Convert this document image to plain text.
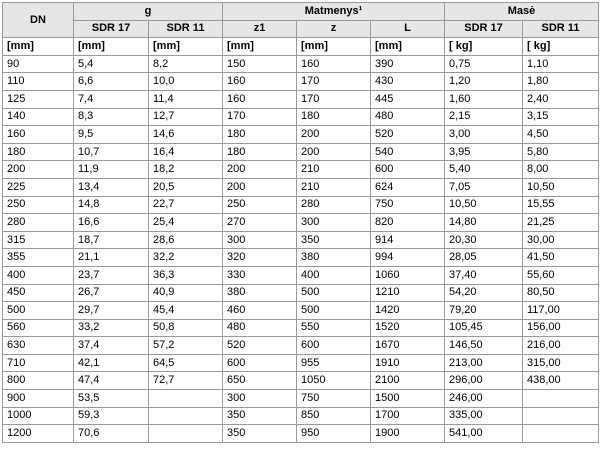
DN	g		Matmenys¹			Masė	
	SDR 17	SDR 11	z1	z	L	SDR 17	SDR 11
[mm]	[mm]	[mm]	[mm]	[mm]	[mm]	[ kg]	[ kg]
90	5,4	8,2	150	160	390	0,75	1,10
110	6,6	10,0	160	170	430	1,20	1,80
125	7,4	11,4	160	170	445	1,60	2,40
140	8,3	12,7	170	180	480	2,15	3,15
160	9,5	14,6	180	200	520	3,00	4,50
180	10,7	16,4	180	200	540	3,95	5,80
200	11,9	18,2	200	210	600	5,40	8,00
225	13,4	20,5	200	210	624	7,05	10,50
250	14,8	22,7	250	280	750	10,50	15,55
280	16,6	25,4	270	300	820	14,80	21,25
315	18,7	28,6	300	350	914	20,30	30,00
355	21,1	32,2	320	380	994	28,05	41,50
400	23,7	36,3	330	400	1060	37,40	55,60
450	26,7	40,9	380	500	1210	54,20	80,50
500	29,7	45,4	460	500	1420	79,20	117,00
560	33,2	50,8	480	550	1520	105,45	156,00
630	37,4	57,2	520	600	1670	146,50	216,00
710	42,1	64,5	600	955	1910	213,00	315,00
800	47,4	72,7	650	1050	2100	296,00	438,00
900	53,5		300	750	1500	246,00	
1000	59,3		350	850	1700	335,00	
1200	70,6		350	950	1900	541,00	
